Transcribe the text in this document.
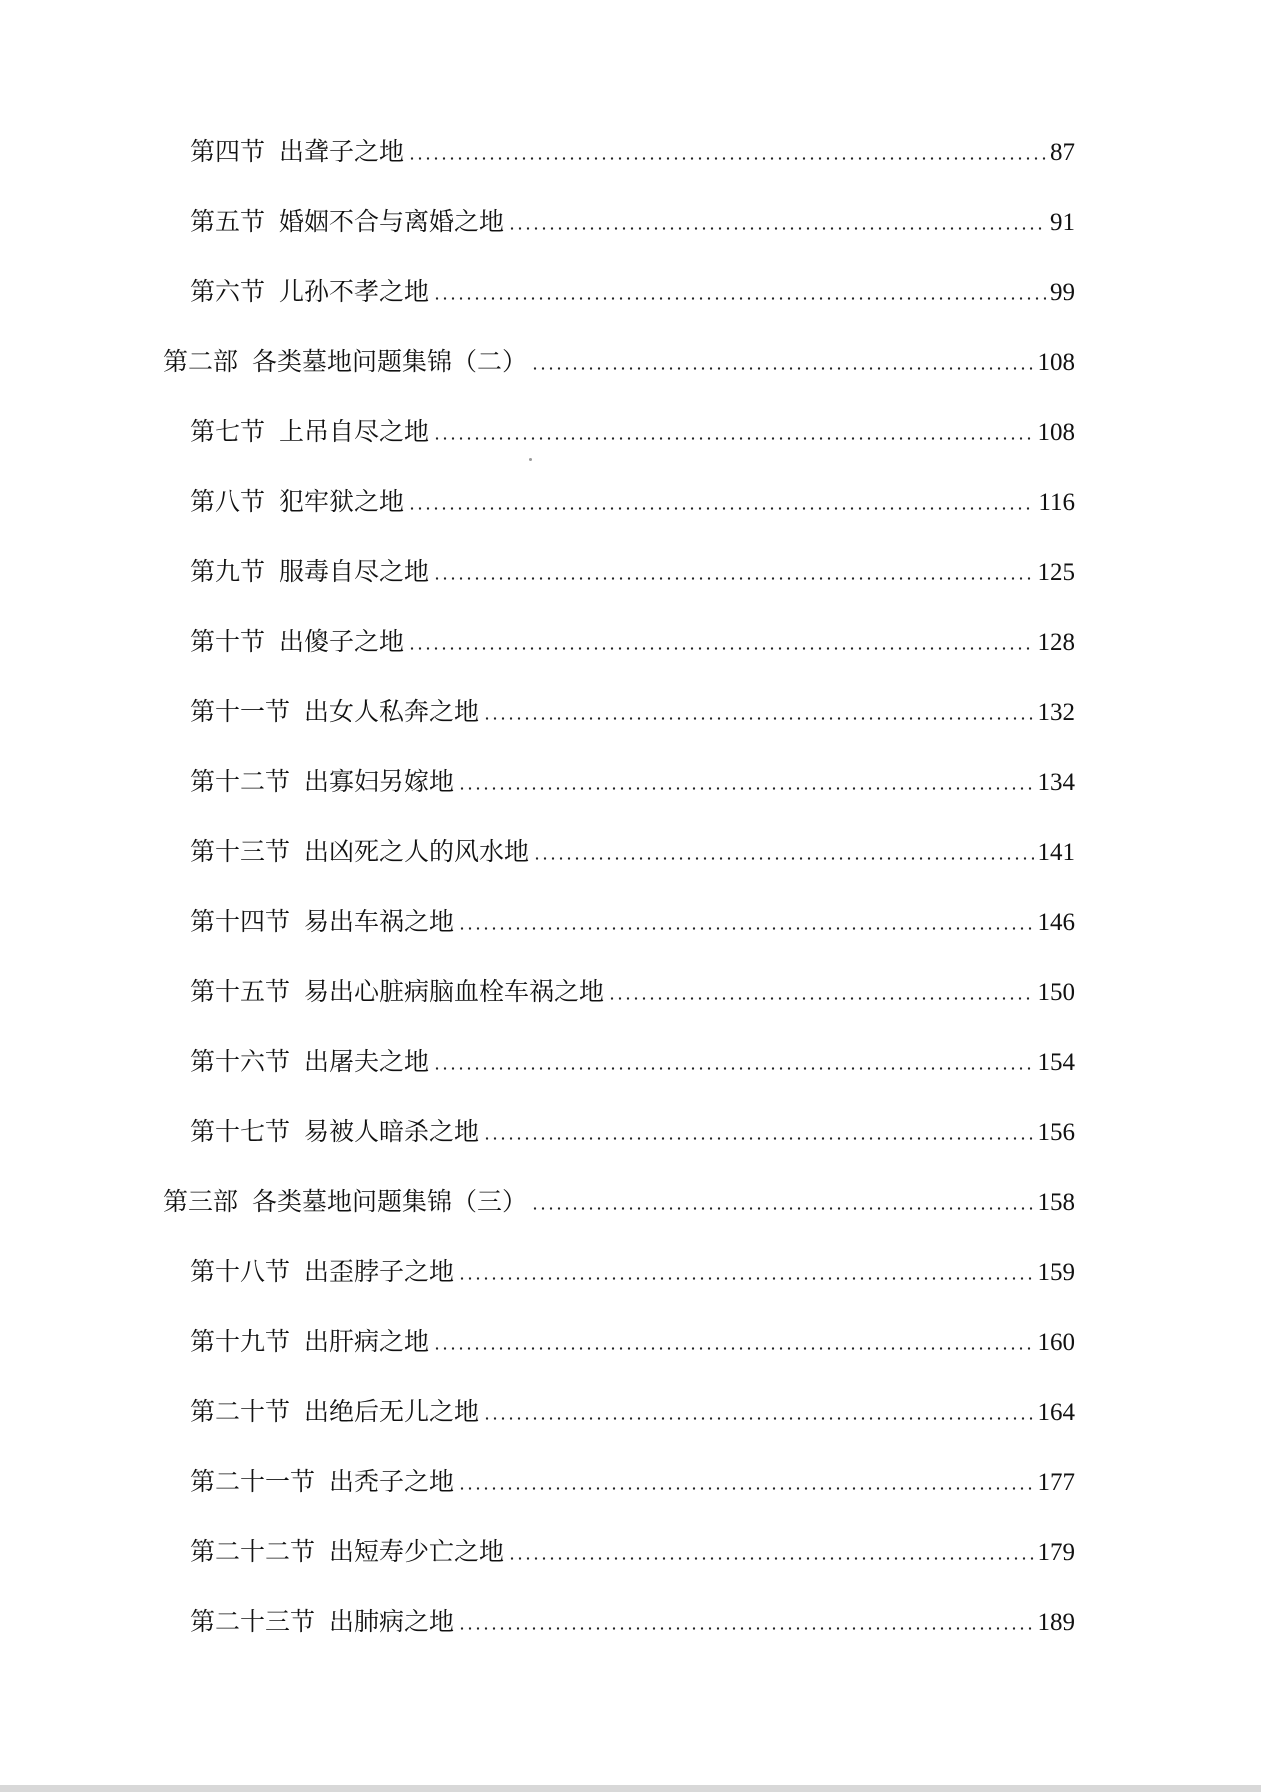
第四节 出聋子之地	87
第五节 婚姻不合与离婚之地	91
第六节 儿孙不孝之地	99
第二部 各类墓地问题集锦（二）	108
第七节 上吊自尽之地	108
第八节 犯牢狱之地	116
第九节 服毒自尽之地	125
第十节 出傻子之地	128
第十一节 出女人私奔之地	132
第十二节 出寡妇另嫁地	134
第十三节 出凶死之人的风水地	141
第十四节 易出车祸之地	146
第十五节 易出心脏病脑血栓车祸之地	150
第十六节 出屠夫之地	154
第十七节 易被人暗杀之地	156
第三部 各类墓地问题集锦（三）	158
第十八节 出歪脖子之地	159
第十九节 出肝病之地	160
第二十节 出绝后无儿之地	164
第二十一节 出秃子之地	177
第二十二节 出短寿少亡之地	179
第二十三节 出肺病之地	189
